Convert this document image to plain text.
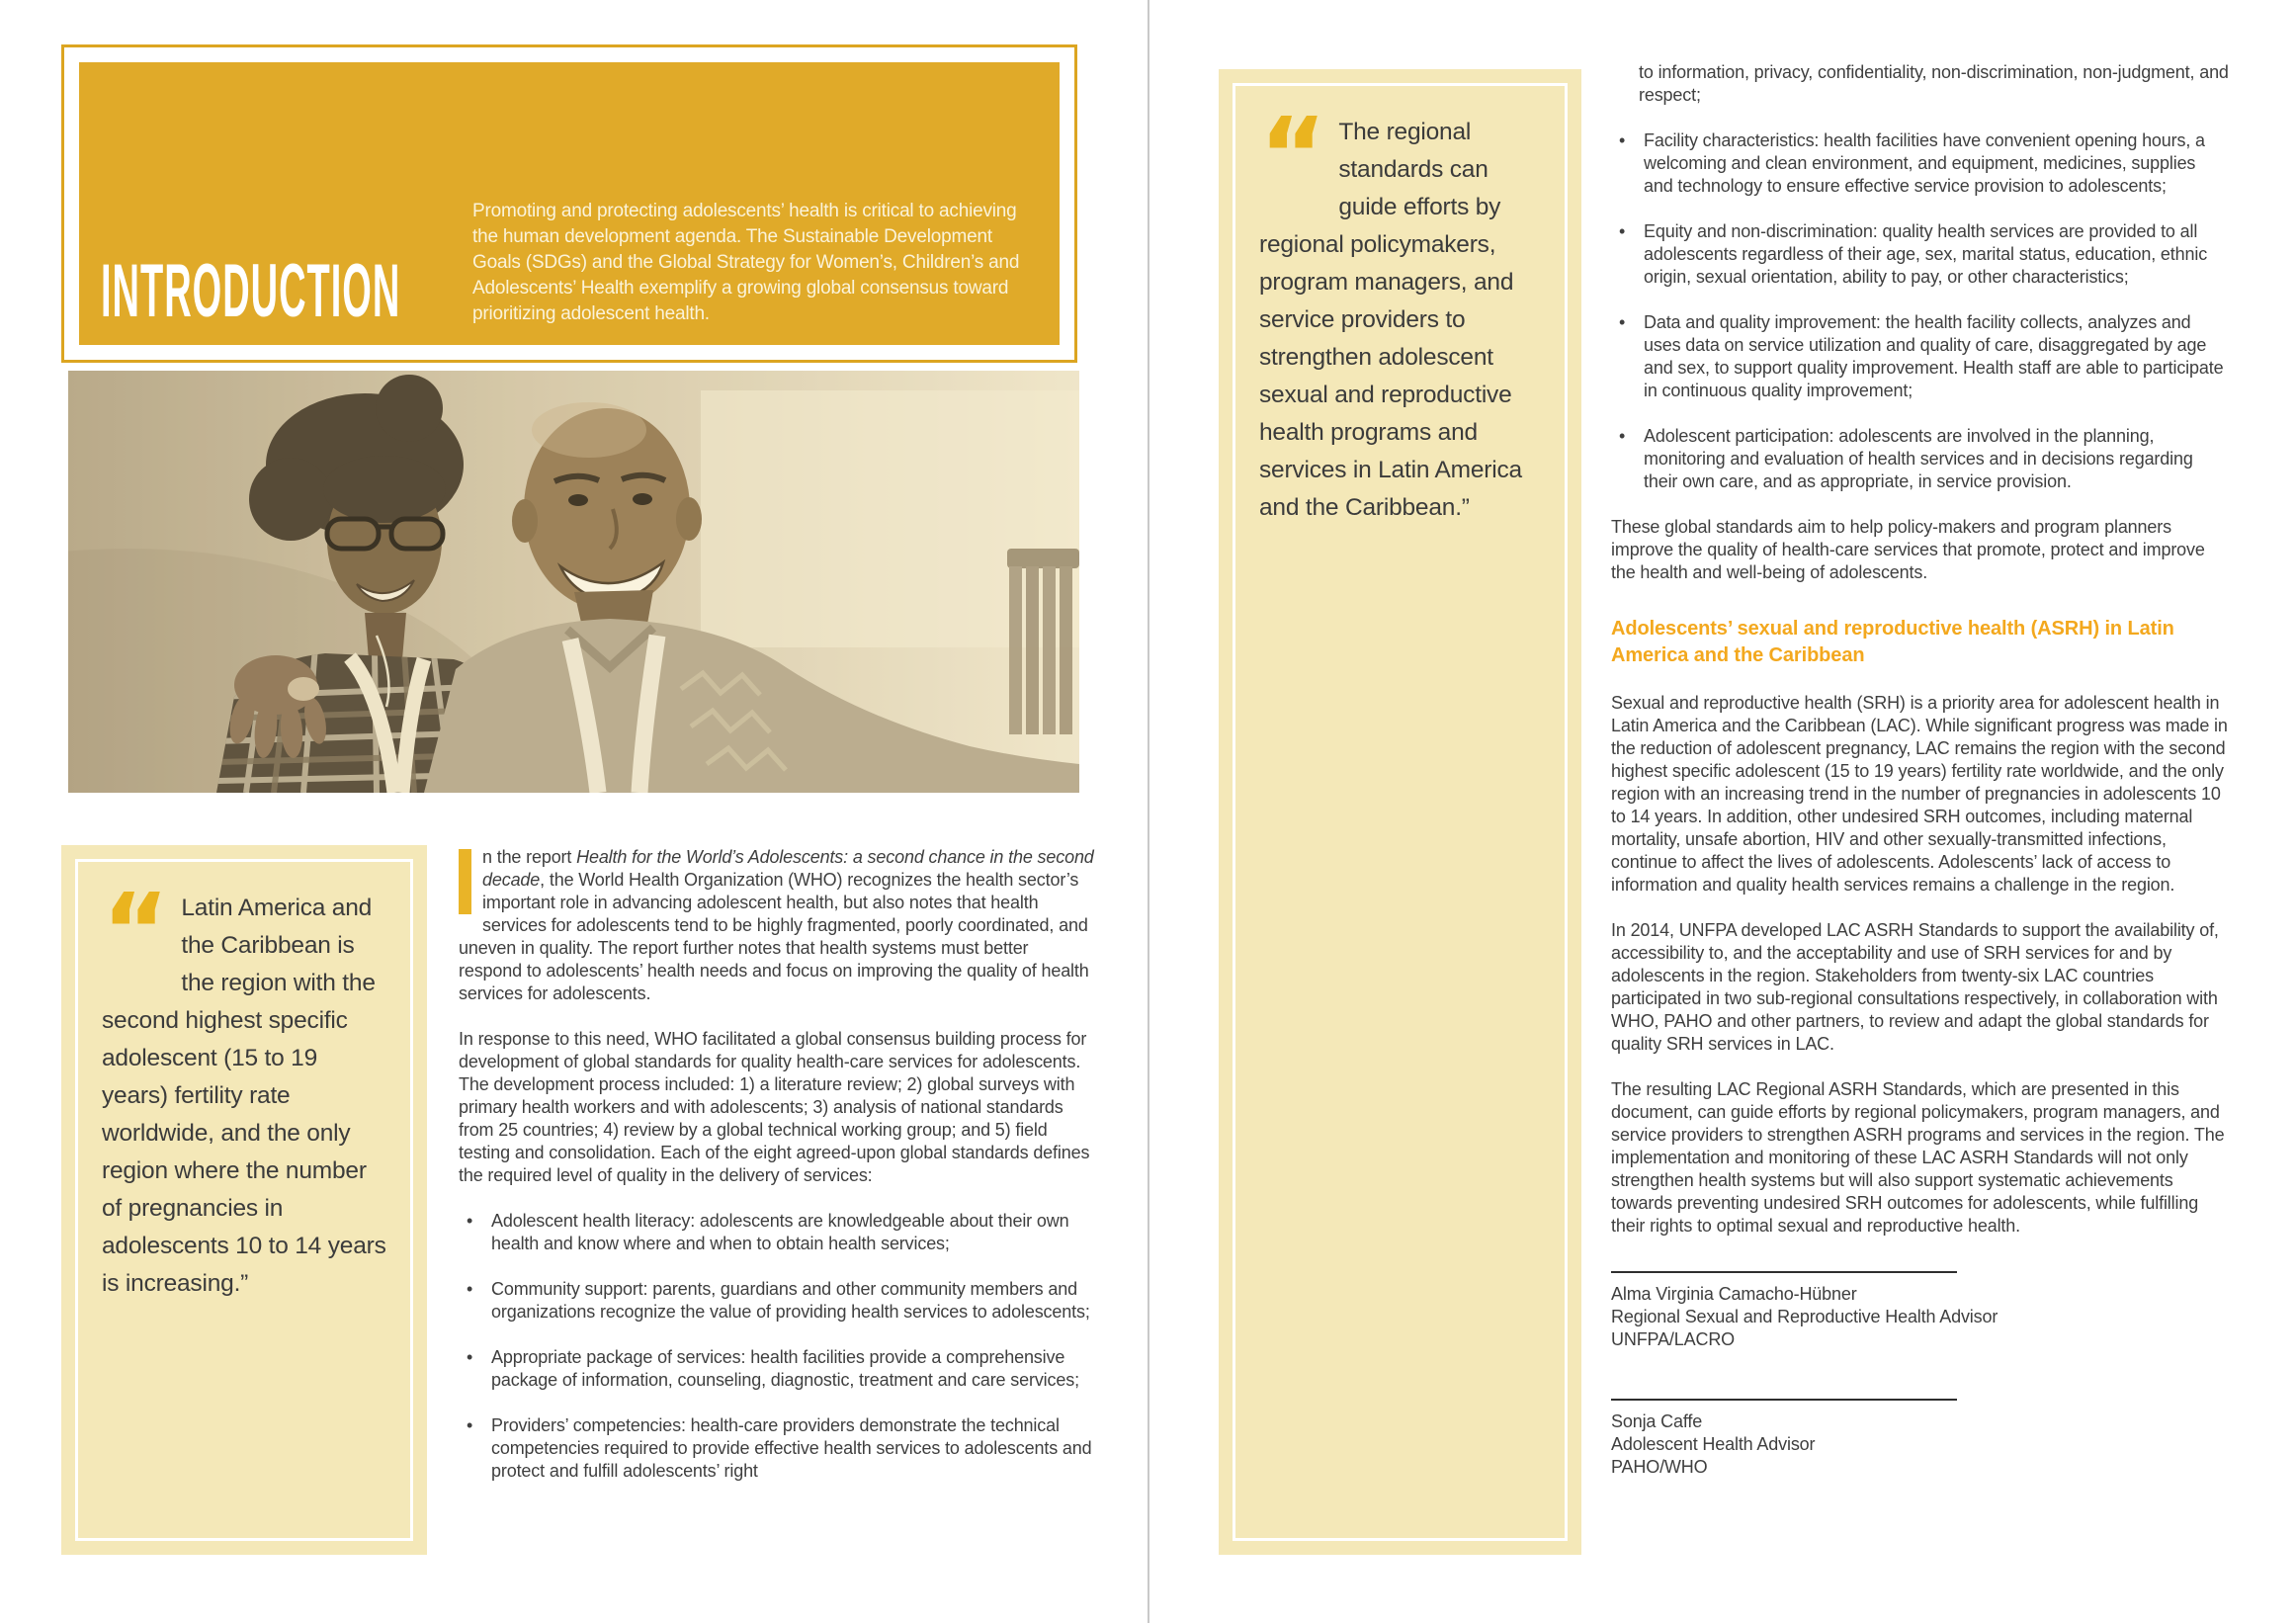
INTRODUCTION

Promoting and protecting adolescents’ health is critical to achieving the human development agenda. The Sustainable Development Goals (SDGs) and the Global Strategy for Women’s, Children’s and Adolescents’ Health exemplify a growing global consensus toward prioritizing adolescent health.

“ Latin America and the Caribbean is the region with the second highest specific adolescent (15 to 19 years) fertility rate worldwide, and the only region where the number of pregnancies in adolescents 10 to 14 years is increasing.”

n the report Health for the World’s Adolescents: a second chance in the second decade, the World Health Organization (WHO) recognizes the health sector’s important role in advancing adolescent health, but also notes that health services for adolescents tend to be highly fragmented, poorly coordinated, and uneven in quality. The report further notes that health systems must better respond to adolescents’ health needs and focus on improving the quality of health services for adolescents.

In response to this need, WHO facilitated a global consensus building process for development of global standards for quality health-care services for adolescents. The development process included: 1) a literature review; 2) global surveys with primary health workers and with adolescents; 3) analysis of national standards from 25 countries; 4) review by a global technical working group; and 5) field testing and consolidation. Each of the eight agreed-upon global standards defines the required level of quality in the delivery of services:

• Adolescent health literacy: adolescents are knowledgeable about their own health and know where and when to obtain health services;
• Community support: parents, guardians and other community members and organizations recognize the value of providing health services to adolescents;
• Appropriate package of services: health facilities provide a comprehensive package of information, counseling, diagnostic, treatment and care services;
• Providers’ competencies: health-care providers demonstrate the technical competencies required to provide effective health services to adolescents and protect and fulfill adolescents’ right
“ The regional standards can guide efforts by regional policymakers, program managers, and service providers to strengthen adolescent sexual and reproductive health programs and services in Latin America and the Caribbean.”

to information, privacy, confidentiality, non-discrimination, non-judgment, and respect;

• Facility characteristics: health facilities have convenient opening hours, a welcoming and clean environment, and equipment, medicines, supplies and technology to ensure effective service provision to adolescents;
• Equity and non-discrimination: quality health services are provided to all adolescents regardless of their age, sex, marital status, education, ethnic origin, sexual orientation, ability to pay, or other characteristics;
• Data and quality improvement: the health facility collects, analyzes and uses data on service utilization and quality of care, disaggregated by age and sex, to support quality improvement. Health staff are able to participate in continuous quality improvement;
• Adolescent participation: adolescents are involved in the planning, monitoring and evaluation of health services and in decisions regarding their own care, and as appropriate, in service provision.

These global standards aim to help policy-makers and program planners improve the quality of health-care services that promote, protect and improve the health and well-being of adolescents.

Adolescents’ sexual and reproductive health (ASRH) in Latin America and the Caribbean

Sexual and reproductive health (SRH) is a priority area for adolescent health in Latin America and the Caribbean (LAC). While significant progress was made in the reduction of adolescent pregnancy, LAC remains the region with the second highest specific adolescent (15 to 19 years) fertility rate worldwide, and the only region with an increasing trend in the number of pregnancies in adolescents 10 to 14 years. In addition, other undesired SRH outcomes, including maternal mortality, unsafe abortion, HIV and other sexually-transmitted infections, continue to affect the lives of adolescents. Adolescents’ lack of access to information and quality health services remains a challenge in the region.

In 2014, UNFPA developed LAC ASRH Standards to support the availability of, accessibility to, and the acceptability and use of SRH services for and by adolescents in the region. Stakeholders from twenty-six LAC countries participated in two sub-regional consultations respectively, in collaboration with WHO, PAHO and other partners, to review and adapt the global standards for quality SRH services in LAC.

The resulting LAC Regional ASRH Standards, which are presented in this document, can guide efforts by regional policymakers, program managers, and service providers to strengthen ASRH programs and services in the region. The implementation and monitoring of these LAC ASRH Standards will not only strengthen health systems but will also support systematic achievements towards preventing undesired SRH outcomes for adolescents, while fulfilling their rights to optimal sexual and reproductive health.

Alma Virginia Camacho-Hübner

Regional Sexual and Reproductive Health Advisor

UNFPA/LACRO

Sonja Caffe

Adolescent Health Advisor

PAHO/WHO
